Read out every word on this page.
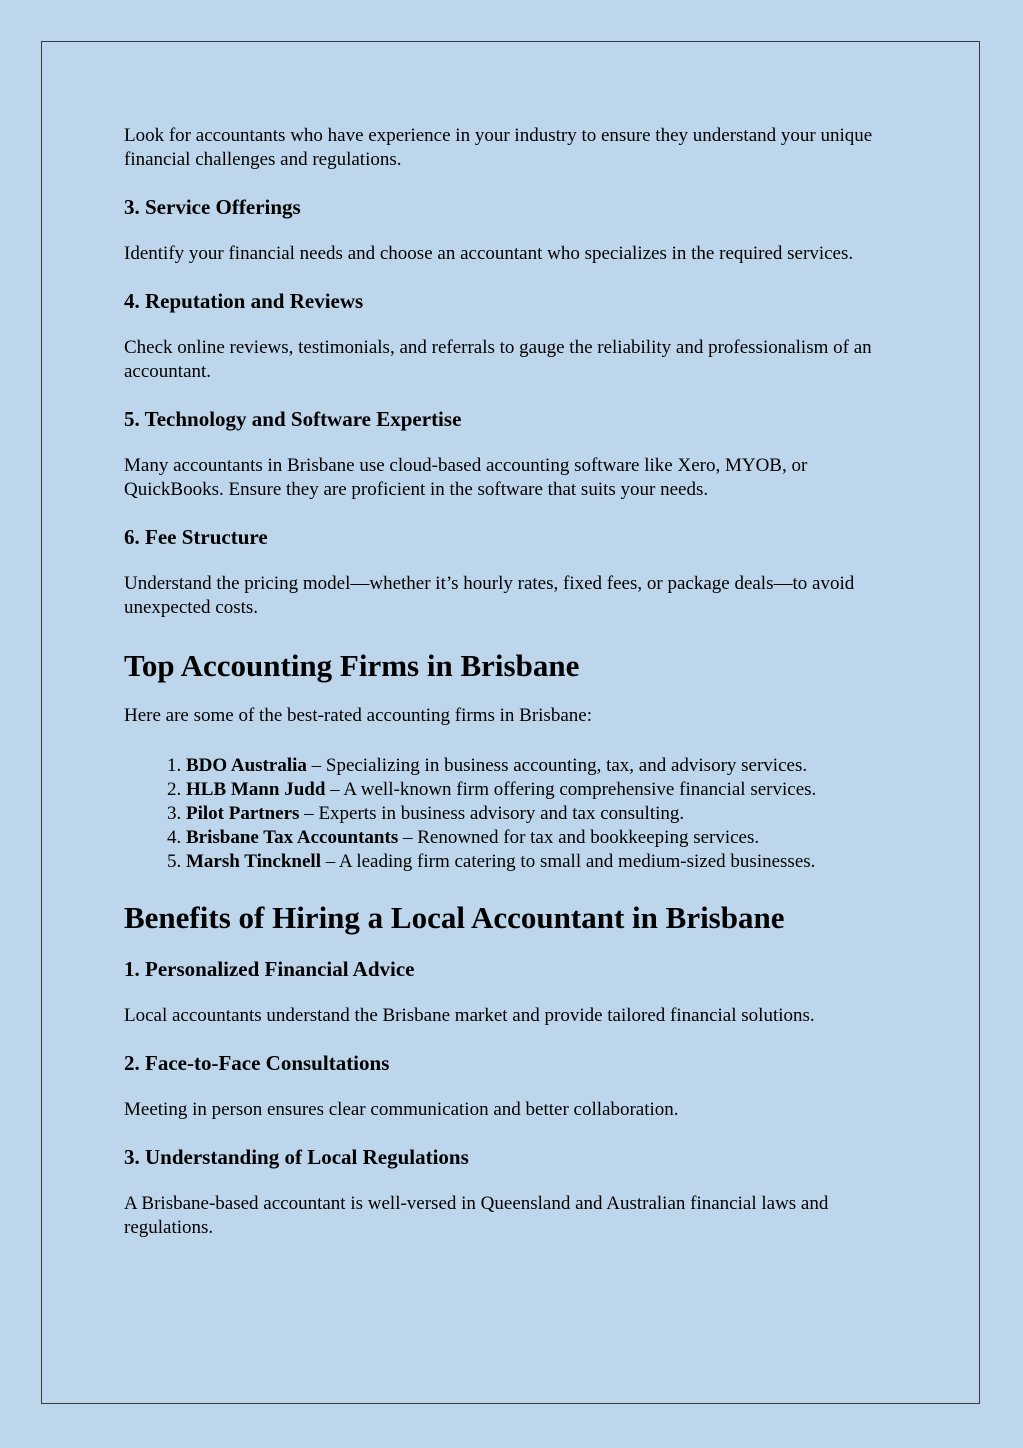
Look for accountants who have experience in your industry to ensure they understand your unique financial challenges and regulations.

3. Service Offerings

Identify your financial needs and choose an accountant who specializes in the required services.

4. Reputation and Reviews

Check online reviews, testimonials, and referrals to gauge the reliability and professionalism of an accountant.

5. Technology and Software Expertise

Many accountants in Brisbane use cloud-based accounting software like Xero, MYOB, or QuickBooks. Ensure they are proficient in the software that suits your needs.

6. Fee Structure

Understand the pricing model—whether it’s hourly rates, fixed fees, or package deals—to avoid unexpected costs.

Top Accounting Firms in Brisbane

Here are some of the best-rated accounting firms in Brisbane:

1. BDO Australia – Specializing in business accounting, tax, and advisory services.
2. HLB Mann Judd – A well-known firm offering comprehensive financial services.
3. Pilot Partners – Experts in business advisory and tax consulting.
4. Brisbane Tax Accountants – Renowned for tax and bookkeeping services.
5. Marsh Tincknell – A leading firm catering to small and medium-sized businesses.
Benefits of Hiring a Local Accountant in Brisbane
1. Personalized Financial Advice

Local accountants understand the Brisbane market and provide tailored financial solutions.

2. Face-to-Face Consultations

Meeting in person ensures clear communication and better collaboration.

3. Understanding of Local Regulations

A Brisbane-based accountant is well-versed in Queensland and Australian financial laws and regulations.
